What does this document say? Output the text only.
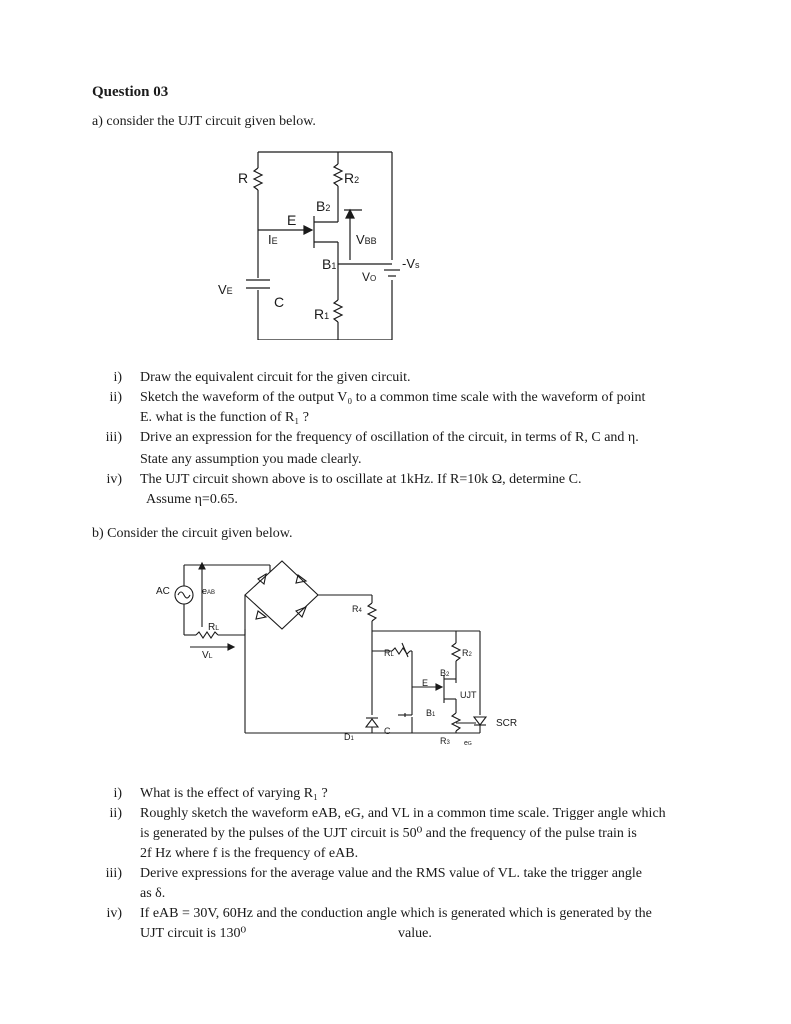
Question 03
a) consider the UJT circuit given below.
R	R2
B2
E
IE	VBB
B1	-Vs
VO
VE
C
R1
i) Draw the equivalent circuit for the given circuit.
ii) Sketch the waveform of the output V₀ to a common time scale with the waveform of point
E. what is the function of R₁ ?
iii) Drive an expression for the frequency of oscillation of the circuit, in terms of R, C and η.
State any assumption you made clearly.
iv) The UJT circuit shown above is to oscillate at 1kHz. If R=10k Ω, determine C.
Assume η=0.65.
b) Consider the circuit given below.
AC	eAB
RL
VL
R4
RL	R2
B2
E
UJT
B1
SCR
D1
C
R3 eG
i) What is the effect of varying R₁ ?
ii) Roughly sketch the waveform eAB, eG, and VL in a common time scale. Trigger angle which
is generated by the pulses of the UJT circuit is 50⁰ and the frequency of the pulse train is
2f Hz where f is the frequency of eAB.
iii) Derive expressions for the average value and the RMS value of VL. take the trigger angle
as δ.
iv) If eAB = 30V, 60Hz and the conduction angle which is generated which is generated by the
UJT circuit is 130⁰	value.
